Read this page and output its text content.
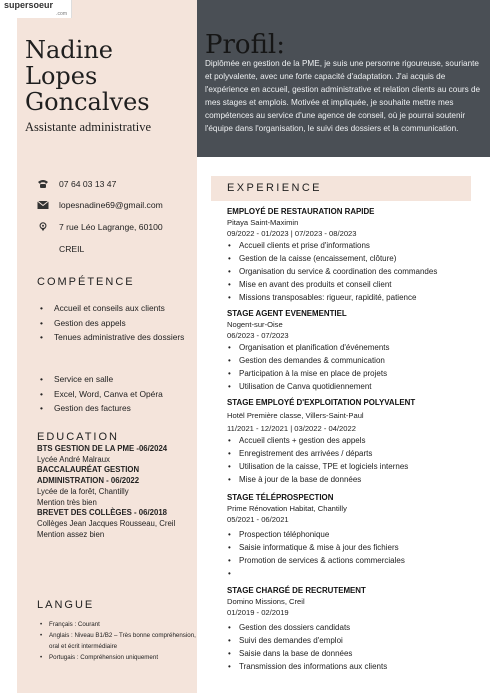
supersoeur
.com
Nadine
Lopes
Goncalves
Assistante administrative
Profil:
Diplômée en gestion de la PME, je suis une personne rigoureuse, souriante et polyvalente, avec une forte capacité d'adaptation. J'ai acquis de l'expérience en accueil, gestion administrative et relation clients au cours de mes stages et emplois. Motivée et impliquée, je souhaite mettre mes compétences au service d'une agence de conseil, où je pourrai soutenir l'équipe dans l'organisation, le suivi des dossiers et la communication.
07 64 03 13 47
lopesnadine69@gmail.com
7 rue Léo Lagrange, 60100
CREIL
COMPÉTENCE
• Accueil et conseils aux clients
• Gestion des appels
• Tenues administrative des dossiers
• Service en salle
• Excel, Word, Canva et Opéra
• Gestion des factures
EDUCATION
BTS GESTION DE LA PME -06/2024
Lycée André Malraux
BACCALAURÉAT GESTION ADMINISTRATION - 06/2022
Lycée de la forêt, Chantilly
Mention très bien
BREVET DES COLLÈGES - 06/2018
Collèges Jean Jacques Rousseau, Creil
Mention assez bien
LANGUE
• Français : Courant
• Anglais : Niveau B1/B2 – Très bonne compréhension, oral et écrit intermédiaire
• Portugais : Compréhension uniquement
EXPERIENCE
EMPLOYÉ DE RESTAURATION RAPIDE
Pitaya Saint-Maximin
09/2022 - 01/2023 | 07/2023 - 08/2023
• Accueil clients et prise d'informations
• Gestion de la caisse (encaissement, clôture)
• Organisation du service & coordination des commandes
• Mise en avant des produits et conseil client
• Missions transposables: rigueur, rapidité, patience
STAGE AGENT EVENEMENTIEL
Nogent-sur-Oise
06/2023 - 07/2023
• Organisation et planification d'événements
• Gestion des demandes & communication
• Participation à la mise en place de projets
• Utilisation de Canva quotidiennement
STAGE EMPLOYÉ D'EXPLOITATION POLYVALENT
Hotël Première classe, Villers-Saint-Paul
11/2021 - 12/2021 | 03/2022 - 04/2022
• Accueil clients + gestion des appels
• Enregistrement des arrivées / départs
• Utilisation de la caisse, TPE et logiciels internes
• Mise à jour de la base de données
STAGE TÉLÉPROSPECTION
Prime Rénovation Habitat, Chantilly
05/2021 - 06/2021
• Prospection téléphonique
• Saisie informatique & mise à jour des fichiers
• Promotion de services & actions commerciales
STAGE CHARGÉ DE RECRUTEMENT
Domino Missions, Creil
01/2019 - 02/2019
• Gestion des dossiers candidats
• Suivi des demandes d'emploi
• Saisie dans la base de données
• Transmission des informations aux clients
